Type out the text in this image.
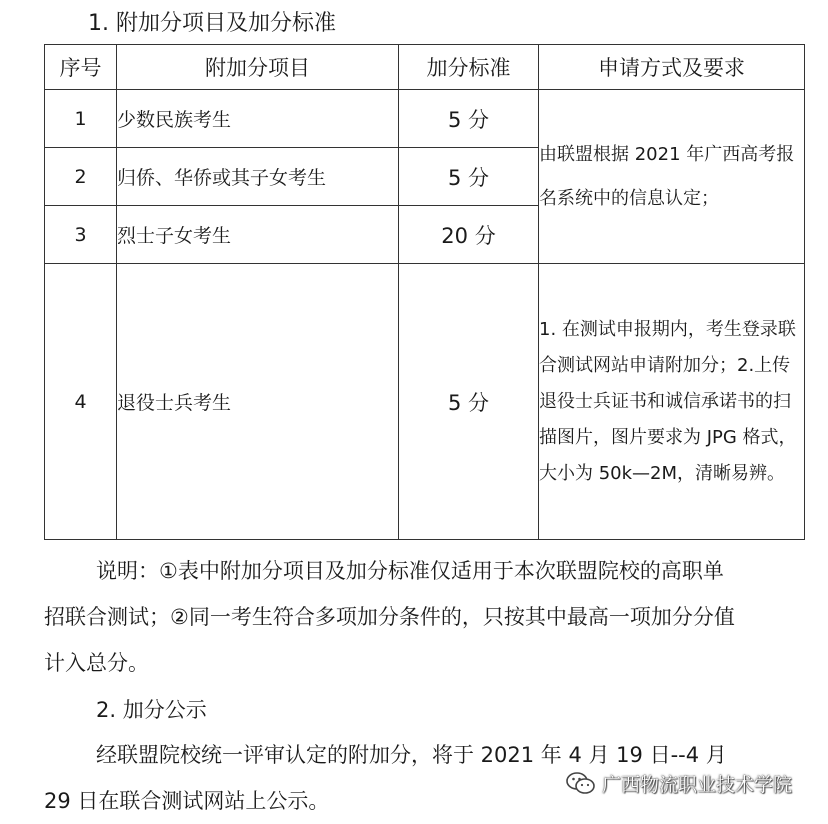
1. 附加分项目及加分标准
序号	附加分项目	加分标准	申请方式及要求
1	少数民族考生	5 分	由联盟根据 2021 年广西高考报名系统中的信息认定；
2	归侨、华侨或其子女考生	5 分	
3	烈士子女考生	20 分	
4	退役士兵考生	5 分	1. 在测试申报期内，考生登录联合测试网站申请附加分；2.上传退役士兵证书和诚信承诺书的扫描图片，图片要求为 JPG 格式，大小为 50k—2M，清晰易辨。
说明：①表中附加分项目及加分标准仅适用于本次联盟院校的高职单招联合测试；②同一考生符合多项加分条件的，只按其中最高一项加分分值计入总分。
2. 加分公示
经联盟院校统一评审认定的附加分，将于 2021 年 4 月 19 日--4 月 29 日在联合测试网站上公示。
广西物流职业技术学院
